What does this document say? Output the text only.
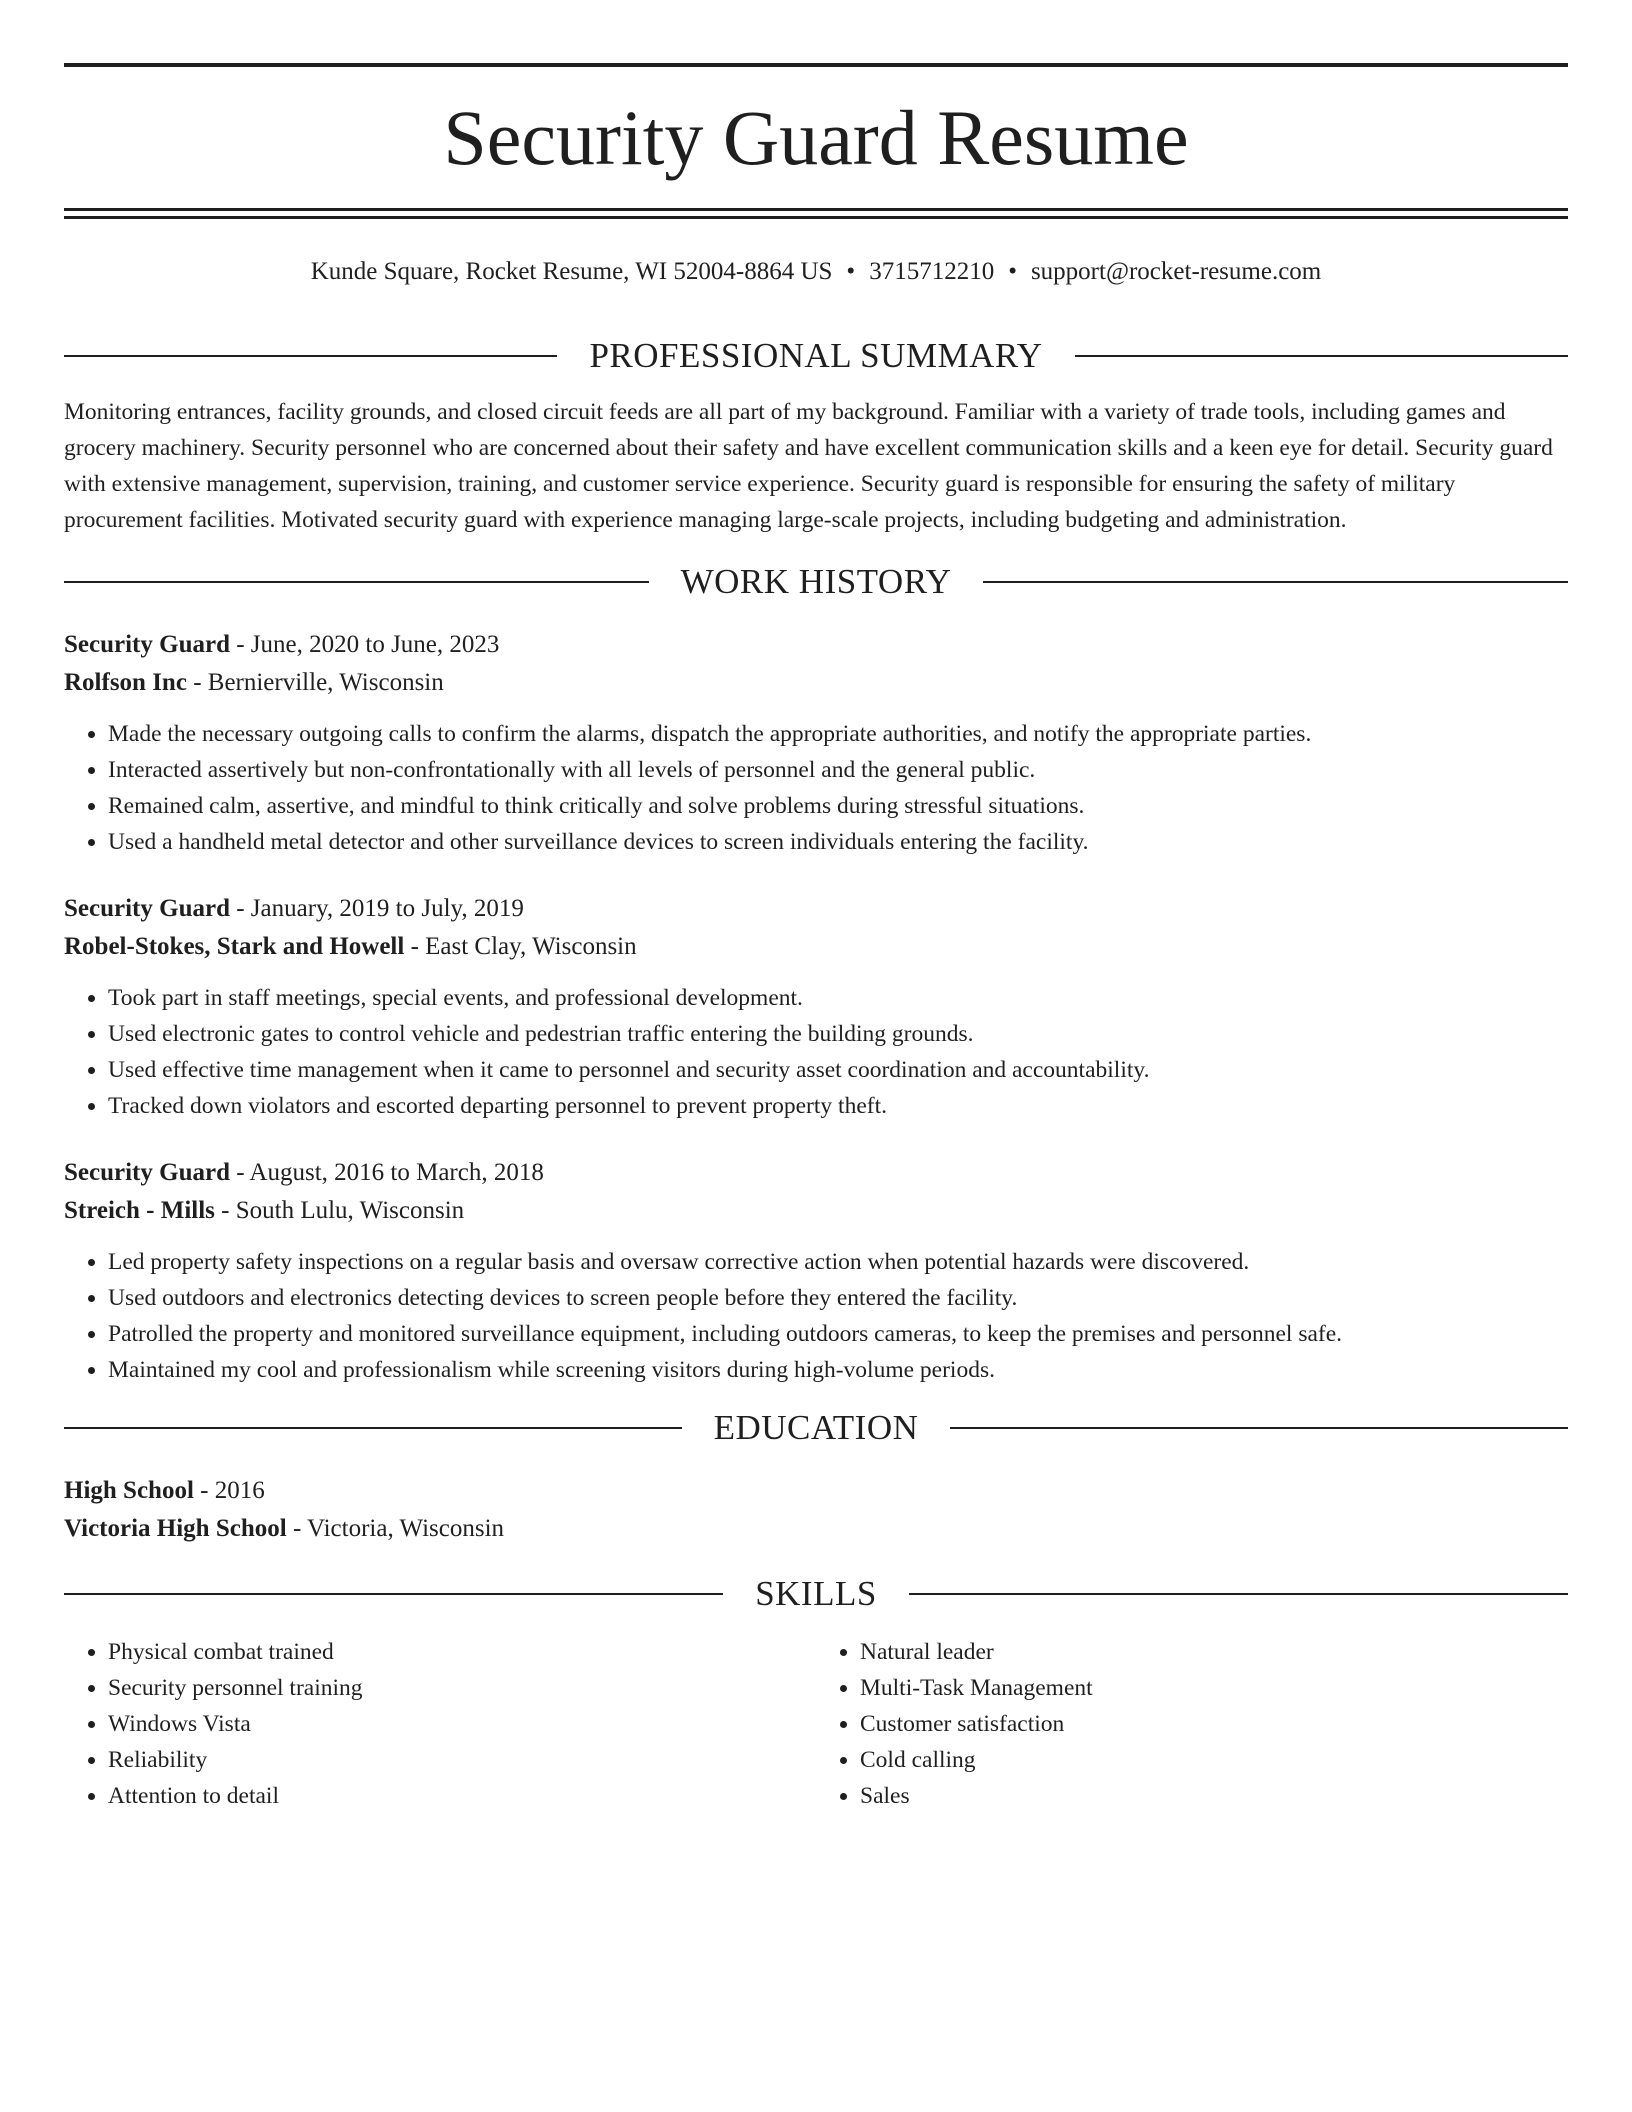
Security Guard Resume
Kunde Square, Rocket Resume, WI 52004-8864 US • 3715712210 • support@rocket-resume.com
PROFESSIONAL SUMMARY

Monitoring entrances, facility grounds, and closed circuit feeds are all part of my background. Familiar with a variety of trade tools, including games and grocery machinery. Security personnel who are concerned about their safety and have excellent communication skills and a keen eye for detail. Security guard with extensive management, supervision, training, and customer service experience. Security guard is responsible for ensuring the safety of military procurement facilities. Motivated security guard with experience managing large-scale projects, including budgeting and administration.

WORK HISTORY
Security Guard - June, 2020 to June, 2023
Rolfson Inc - Bernierville, Wisconsin
• Made the necessary outgoing calls to confirm the alarms, dispatch the appropriate authorities, and notify the appropriate parties.
• Interacted assertively but non-confrontationally with all levels of personnel and the general public.
• Remained calm, assertive, and mindful to think critically and solve problems during stressful situations.
• Used a handheld metal detector and other surveillance devices to screen individuals entering the facility.
Security Guard - January, 2019 to July, 2019
Robel-Stokes, Stark and Howell - East Clay, Wisconsin
• Took part in staff meetings, special events, and professional development.
• Used electronic gates to control vehicle and pedestrian traffic entering the building grounds.
• Used effective time management when it came to personnel and security asset coordination and accountability.
• Tracked down violators and escorted departing personnel to prevent property theft.
Security Guard - August, 2016 to March, 2018
Streich - Mills - South Lulu, Wisconsin
• Led property safety inspections on a regular basis and oversaw corrective action when potential hazards were discovered.
• Used outdoors and electronics detecting devices to screen people before they entered the facility.
• Patrolled the property and monitored surveillance equipment, including outdoors cameras, to keep the premises and personnel safe.
• Maintained my cool and professionalism while screening visitors during high-volume periods.
EDUCATION
High School - 2016
Victoria High School - Victoria, Wisconsin
SKILLS
• Physical combat trained
• Security personnel training
• Windows Vista
• Reliability
• Attention to detail
• Natural leader
• Multi-Task Management
• Customer satisfaction
• Cold calling
• Sales
